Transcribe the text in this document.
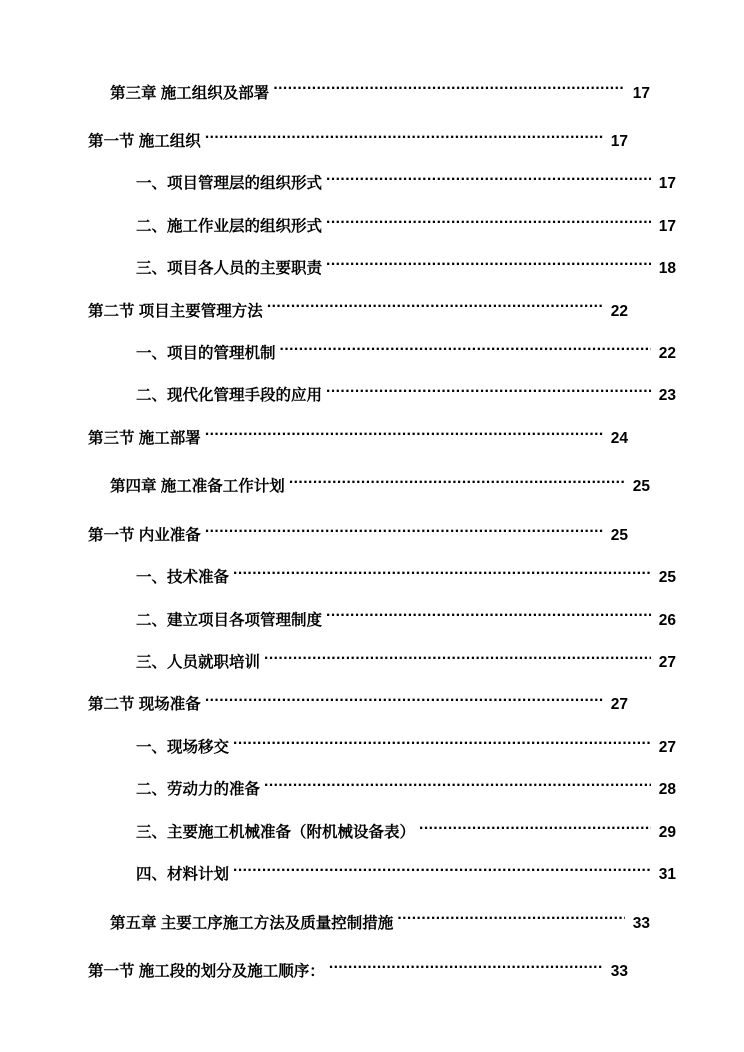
第三章 施工组织及部署 .....	17
第一节 施工组织 .....	17
一、项目管理层的组织形式 .....	17
二、施工作业层的组织形式 .....	17
三、项目各人员的主要职责 .....	18
第二节 项目主要管理方法 .....	22
一、项目的管理机制 .....	22
二、现代化管理手段的应用 .....	23
第三节 施工部署 .....	24
第四章 施工准备工作计划 .....	25
第一节 内业准备 .....	25
一、技术准备 .....	25
二、建立项目各项管理制度 .....	26
三、人员就职培训 .....	27
第二节 现场准备 .....	27
一、现场移交 .....	27
二、劳动力的准备 .....	28
三、主要施工机械准备（附机械设备表） .....	29
四、材料计划 .....	31
第五章 主要工序施工方法及质量控制措施 .....	33
第一节 施工段的划分及施工顺序： .....	33
